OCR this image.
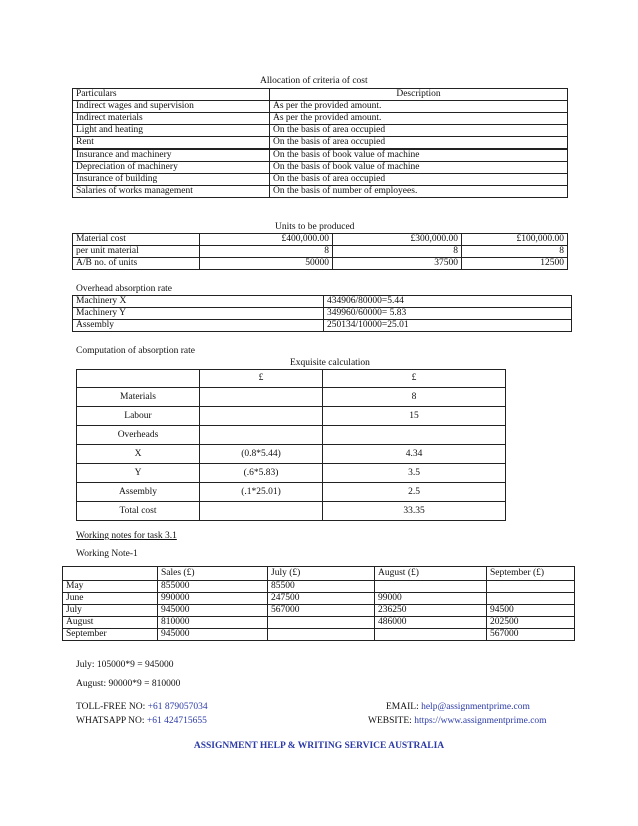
Allocation of criteria of cost
Particulars	Description
Indirect wages and supervision	As per the provided amount.
Indirect materials	As per the provided amount.
Light and heating	On the basis of area occupied
Rent	On the basis of area occupied
Insurance and machinery	On the basis of book value of machine
Depreciation of machinery	On the basis of book value of machine
Insurance of building	On the basis of area occupied
Salaries of works management	On the basis of number of employees.
Units to be produced
Material cost	£400,000.00	£300,000.00	£100,000.00
per unit material	8	8	8
A/B no. of units	50000	37500	12500
Overhead absorption rate
Machinery X	434906/80000=5.44
Machinery Y	349960/60000= 5.83
Assembly	250134/10000=25.01
Computation of absorption rate
Exquisite calculation
	£	£
Materials		8
Labour		15
Overheads		
X	(0.8*5.44)	4.34
Y	(.6*5.83)	3.5
Assembly	(.1*25.01)	2.5
Total cost		33.35
Working notes for task 3.1
Working Note-1
	Sales (£)	July (£)	August (£)	September (£)
May	855000	85500		
June	990000	247500	99000	
July	945000	567000	236250	94500
August	810000		486000	202500
September	945000			567000
July: 105000*9 = 945000
August: 90000*9 = 810000
TOLL-FREE NO: +61 879057034
WHATSAPP NO: +61 424715655
EMAIL: help@assignmentprime.com
WEBSITE: https://www.assignmentprime.com
ASSIGNMENT HELP & WRITING SERVICE AUSTRALIA
